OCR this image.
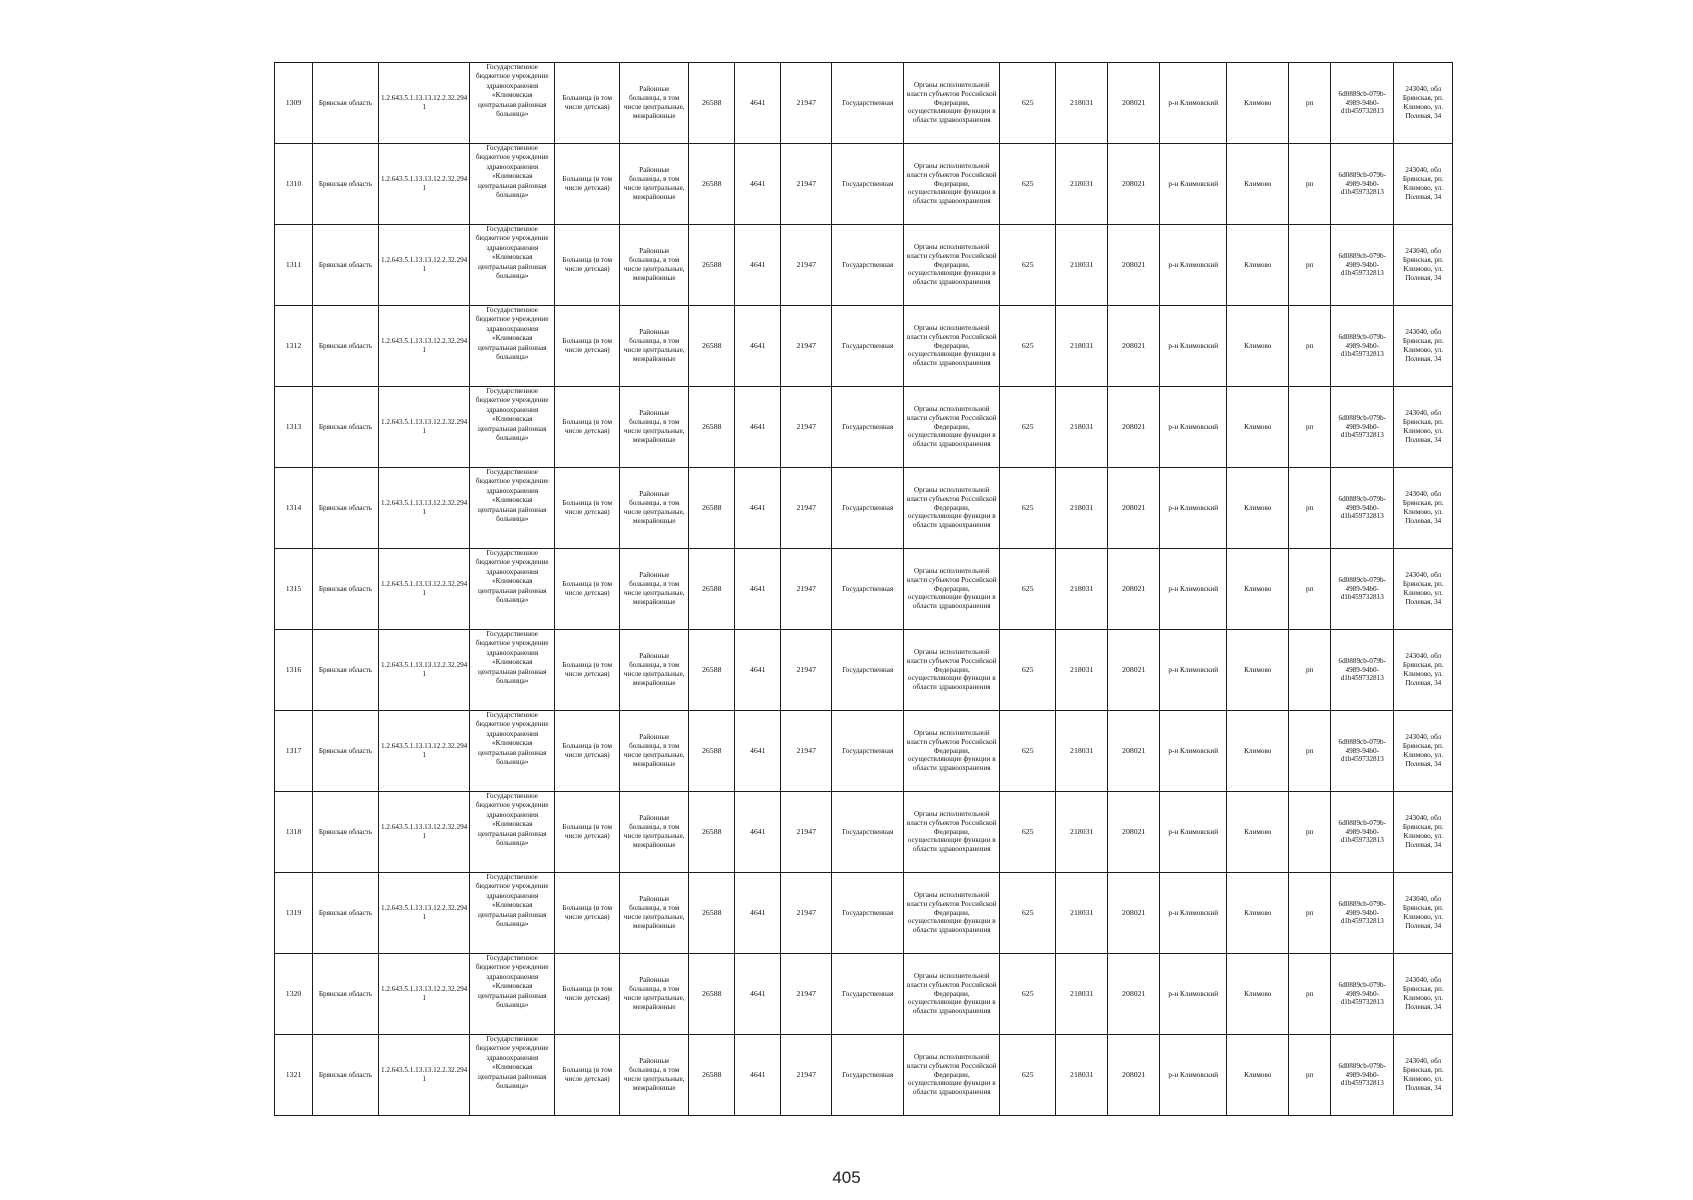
1309	Брянская область	1.2.643.5.1.13.13.12.2.32.294 1	Государственное бюджетное учреждение здравоохранения «Климовская центральная районная больница»	Больница (в том числе детская)	Районные больницы, в том числе центральные, межрайонные	26588	4641	21947	Государственная	Органы исполнительной власти субъектов Российской Федерации, осуществляющие функции в области здравоохранения	625	218031	208021	р-н Климовский	Климово	рп	6d0889cb-079b-4989-94b0-d1b459732813	243040, обл Брянская, рп. Климово, ул. Полевая, 34
1310	Брянская область	1.2.643.5.1.13.13.12.2.32.294 1	Государственное бюджетное учреждение здравоохранения «Климовская центральная районная больница»	Больница (в том числе детская)	Районные больницы, в том числе центральные, межрайонные	26588	4641	21947	Государственная	Органы исполнительной власти субъектов Российской Федерации, осуществляющие функции в области здравоохранения	625	218031	208021	р-н Климовский	Климово	рп	6d0889cb-079b-4989-94b0-d1b459732813	243040, обл Брянская, рп. Климово, ул. Полевая, 34
1311	Брянская область	1.2.643.5.1.13.13.12.2.32.294 1	Государственное бюджетное учреждение здравоохранения «Климовская центральная районная больница»	Больница (в том числе детская)	Районные больницы, в том числе центральные, межрайонные	26588	4641	21947	Государственная	Органы исполнительной власти субъектов Российской Федерации, осуществляющие функции в области здравоохранения	625	218031	208021	р-н Климовский	Климово	рп	6d0889cb-079b-4989-94b0-d1b459732813	243040, обл Брянская, рп. Климово, ул. Полевая, 34
1312	Брянская область	1.2.643.5.1.13.13.12.2.32.294 1	Государственное бюджетное учреждение здравоохранения «Климовская центральная районная больница»	Больница (в том числе детская)	Районные больницы, в том числе центральные, межрайонные	26588	4641	21947	Государственная	Органы исполнительной власти субъектов Российской Федерации, осуществляющие функции в области здравоохранения	625	218031	208021	р-н Климовский	Климово	рп	6d0889cb-079b-4989-94b0-d1b459732813	243040, обл Брянская, рп. Климово, ул. Полевая, 34
1313	Брянская область	1.2.643.5.1.13.13.12.2.32.294 1	Государственное бюджетное учреждение здравоохранения «Климовская центральная районная больница»	Больница (в том числе детская)	Районные больницы, в том числе центральные, межрайонные	26588	4641	21947	Государственная	Органы исполнительной власти субъектов Российской Федерации, осуществляющие функции в области здравоохранения	625	218031	208021	р-н Климовский	Климово	рп	6d0889cb-079b-4989-94b0-d1b459732813	243040, обл Брянская, рп. Климово, ул. Полевая, 34
1314	Брянская область	1.2.643.5.1.13.13.12.2.32.294 1	Государственное бюджетное учреждение здравоохранения «Климовская центральная районная больница»	Больница (в том числе детская)	Районные больницы, в том числе центральные, межрайонные	26588	4641	21947	Государственная	Органы исполнительной власти субъектов Российской Федерации, осуществляющие функции в области здравоохранения	625	218031	208021	р-н Климовский	Климово	рп	6d0889cb-079b-4989-94b0-d1b459732813	243040, обл Брянская, рп. Климово, ул. Полевая, 34
1315	Брянская область	1.2.643.5.1.13.13.12.2.32.294 1	Государственное бюджетное учреждение здравоохранения «Климовская центральная районная больница»	Больница (в том числе детская)	Районные больницы, в том числе центральные, межрайонные	26588	4641	21947	Государственная	Органы исполнительной власти субъектов Российской Федерации, осуществляющие функции в области здравоохранения	625	218031	208021	р-н Климовский	Климово	рп	6d0889cb-079b-4989-94b0-d1b459732813	243040, обл Брянская, рп. Климово, ул. Полевая, 34
1316	Брянская область	1.2.643.5.1.13.13.12.2.32.294 1	Государственное бюджетное учреждение здравоохранения «Климовская центральная районная больница»	Больница (в том числе детская)	Районные больницы, в том числе центральные, межрайонные	26588	4641	21947	Государственная	Органы исполнительной власти субъектов Российской Федерации, осуществляющие функции в области здравоохранения	625	218031	208021	р-н Климовский	Климово	рп	6d0889cb-079b-4989-94b0-d1b459732813	243040, обл Брянская, рп. Климово, ул. Полевая, 34
1317	Брянская область	1.2.643.5.1.13.13.12.2.32.294 1	Государственное бюджетное учреждение здравоохранения «Климовская центральная районная больница»	Больница (в том числе детская)	Районные больницы, в том числе центральные, межрайонные	26588	4641	21947	Государственная	Органы исполнительной власти субъектов Российской Федерации, осуществляющие функции в области здравоохранения	625	218031	208021	р-н Климовский	Климово	рп	6d0889cb-079b-4989-94b0-d1b459732813	243040, обл Брянская, рп. Климово, ул. Полевая, 34
1318	Брянская область	1.2.643.5.1.13.13.12.2.32.294 1	Государственное бюджетное учреждение здравоохранения «Климовская центральная районная больница»	Больница (в том числе детская)	Районные больницы, в том числе центральные, межрайонные	26588	4641	21947	Государственная	Органы исполнительной власти субъектов Российской Федерации, осуществляющие функции в области здравоохранения	625	218031	208021	р-н Климовский	Климово	рп	6d0889cb-079b-4989-94b0-d1b459732813	243040, обл Брянская, рп. Климово, ул. Полевая, 34
1319	Брянская область	1.2.643.5.1.13.13.12.2.32.294 1	Государственное бюджетное учреждение здравоохранения «Климовская центральная районная больница»	Больница (в том числе детская)	Районные больницы, в том числе центральные, межрайонные	26588	4641	21947	Государственная	Органы исполнительной власти субъектов Российской Федерации, осуществляющие функции в области здравоохранения	625	218031	208021	р-н Климовский	Климово	рп	6d0889cb-079b-4989-94b0-d1b459732813	243040, обл Брянская, рп. Климово, ул. Полевая, 34
1320	Брянская область	1.2.643.5.1.13.13.12.2.32.294 1	Государственное бюджетное учреждение здравоохранения «Климовская центральная районная больница»	Больница (в том числе детская)	Районные больницы, в том числе центральные, межрайонные	26588	4641	21947	Государственная	Органы исполнительной власти субъектов Российской Федерации, осуществляющие функции в области здравоохранения	625	218031	208021	р-н Климовский	Климово	рп	6d0889cb-079b-4989-94b0-d1b459732813	243040, обл Брянская, рп. Климово, ул. Полевая, 34
1321	Брянская область	1.2.643.5.1.13.13.12.2.32.294 1	Государственное бюджетное учреждение здравоохранения «Климовская центральная районная больница»	Больница (в том числе детская)	Районные больницы, в том числе центральные, межрайонные	26588	4641	21947	Государственная	Органы исполнительной власти субъектов Российской Федерации, осуществляющие функции в области здравоохранения	625	218031	208021	р-н Климовский	Климово	рп	6d0889cb-079b-4989-94b0-d1b459732813	243040, обл Брянская, рп. Климово, ул. Полевая, 34
405
